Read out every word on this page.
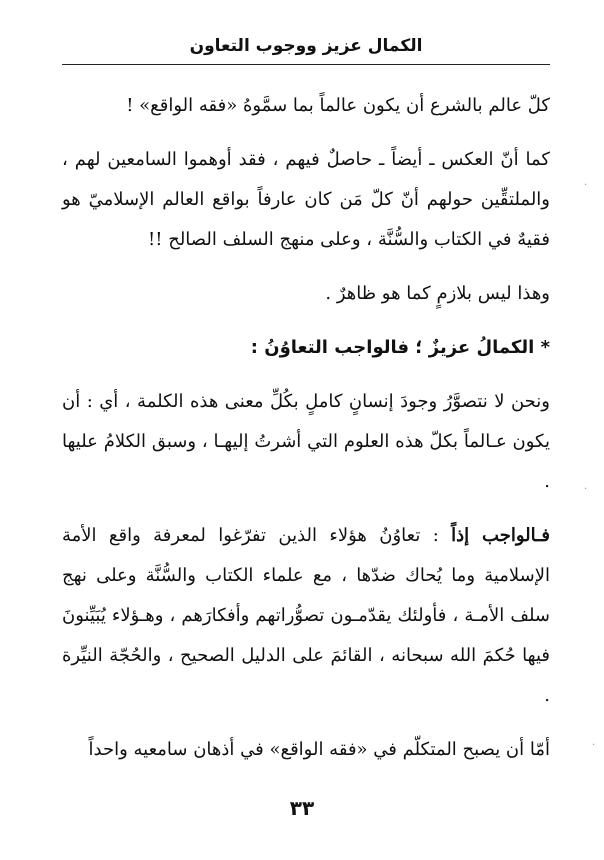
الكمال عزيز ووجوب التعاون

كلّ عالم بالشرع أن يكون عالماً بما سمَّوهُ «فقه الواقع» !

كما أنّ العكس ـ أيضاً ـ حاصلٌ فيهم ، فقد أوهموا السامعين لهم ، والملتقِّين حولهم أنّ كلّ مَن كان عارفاً بواقع العالم الإسلاميّ هو فقيهٌ في الكتاب والسُّنَّة ، وعلى منهج السلف الصالح !!

وهذا ليس بلازمٍ كما هو ظاهرٌ .

* الكمالُ عزيزٌ ؛ فالواجب التعاوُنُ :

ونحن لا نتصوَّرُ وجودَ إنسانٍ كاملٍ بكُلِّ معنى هذه الكلمة ، أي : أن يكون عـالماً بكلّ هذه العلوم التي أشرتُ إليهـا ، وسبق الكلامُ عليها .

فـالواجب إذاً : تعاوُنُ هؤلاء الذين تفرّغوا لمعرفة واقع الأمة الإسلامية وما يُحاك ضدّها ، مع علماء الكتاب والسُّنَّة وعلى نهج سلف الأمـة ، فأولئك يقدّمـون تصوُّراتهم وأفكارَهم ، وهـؤلاء يُبَيِّنونَ فيها حُكمَ الله سبحانه ، القائمَ على الدليل الصحيح ، والحُجّة النيِّرة .

أمّا أن يصبح المتكلّم في «فقه الواقع» في أذهان سامعيه واحداً

٣٣
·
·
·
